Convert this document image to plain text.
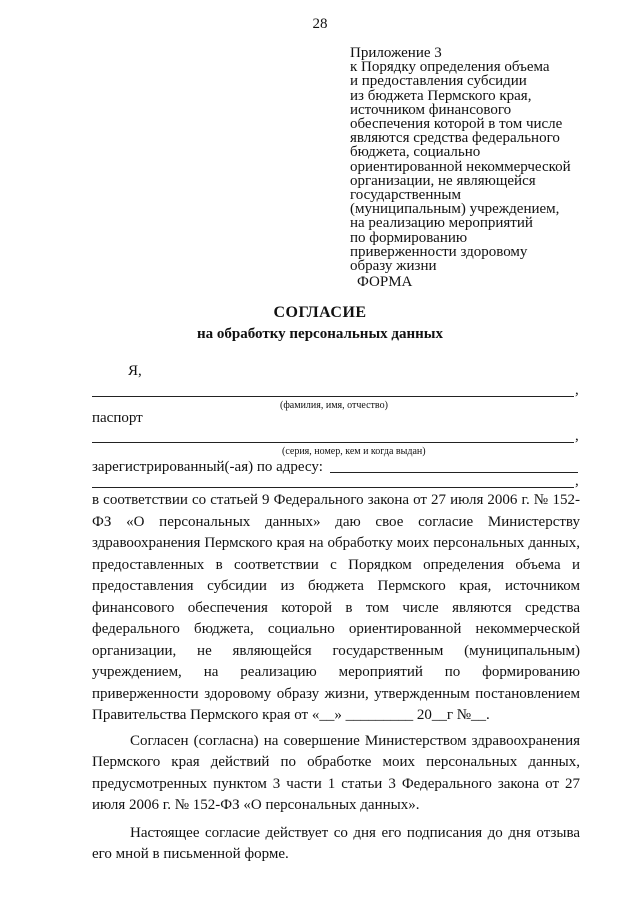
28
Приложение 3
к Порядку определения объема
и предоставления субсидии
из бюджета Пермского края,
источником финансового
обеспечения которой в том числе
являются средства федерального
бюджета, социально
ориентированной некоммерческой
организации, не являющейся
государственным
(муниципальным) учреждением,
на реализацию мероприятий
по формированию
приверженности здоровому
образу жизни
ФОРМА
СОГЛАСИЕ
на обработку персональных данных
Я,
,
(фамилия, имя, отчество)
паспорт
,
(серия, номер, кем и когда выдан)
зарегистрированный(-ая) по адресу:
,

в соответствии со статьей 9 Федерального закона от 27 июля 2006 г. № 152-ФЗ «О персональных данных» даю свое согласие Министерству здравоохранения Пермского края на обработку моих персональных данных, предоставленных в соответствии с Порядком определения объема и предоставления субсидии из бюджета Пермского края, источником финансового обеспечения которой в том числе являются средства федерального бюджета, социально ориентированной некоммерческой организации, не являющейся государственным (муниципальным) учреждением, на реализацию мероприятий по формированию приверженности здоровому образу жизни, утвержденным постановлением Правительства Пермского края от «__» _________ 20__г №__.

Согласен (согласна) на совершение Министерством здравоохранения Пермского края действий по обработке моих персональных данных, предусмотренных пунктом 3 части 1 статьи 3 Федерального закона от 27 июля 2006 г. № 152-ФЗ «О персональных данных».

Настоящее согласие действует со дня его подписания до дня отзыва его мной в письменной форме.
